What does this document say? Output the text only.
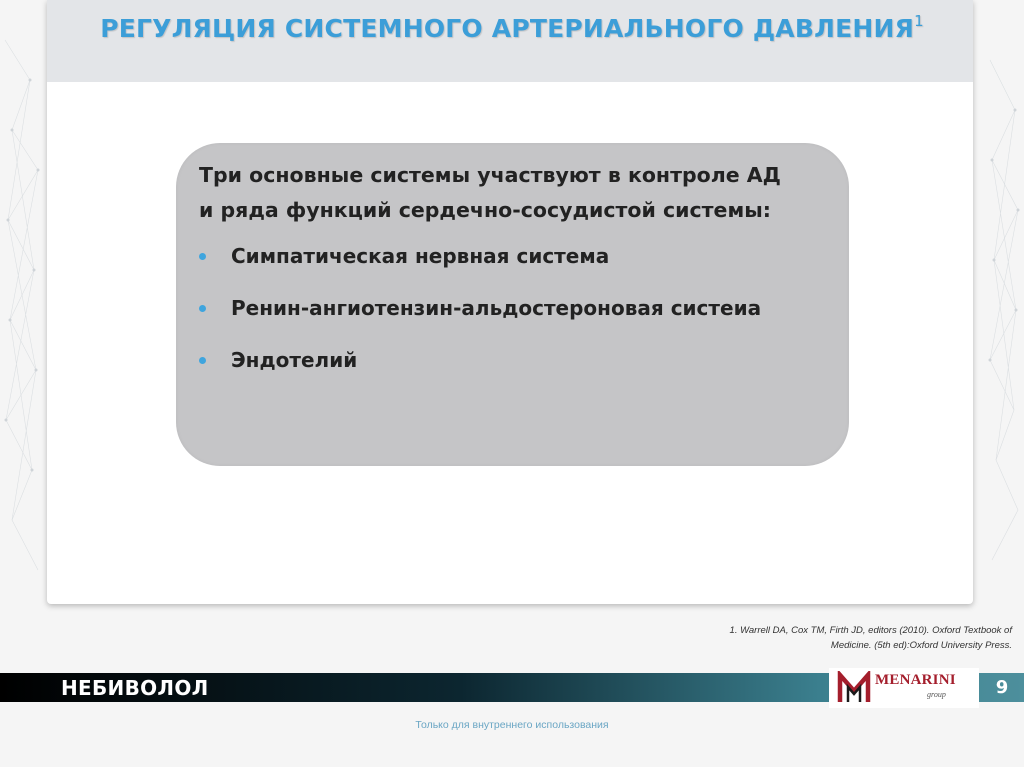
РЕГУЛЯЦИЯ СИСТЕМНОГО АРТЕРИАЛЬНОГО ДАВЛЕНИЯ$^1$
Три основные системы участвуют в контроле АД
и ряда функций сердечно-сосудистой системы:
Симпатическая нервная система
Ренин-ангиотензин-альдостероновая систеиа
Эндотелий
1. Warrell DA, Cox TM, Firth JD, editors (2010). Oxford Textbook of
Medicine. (5th ed):Oxford University Press.
НЕБИВОЛОЛ	MENARINI
group	9
Только для внутреннего использования
